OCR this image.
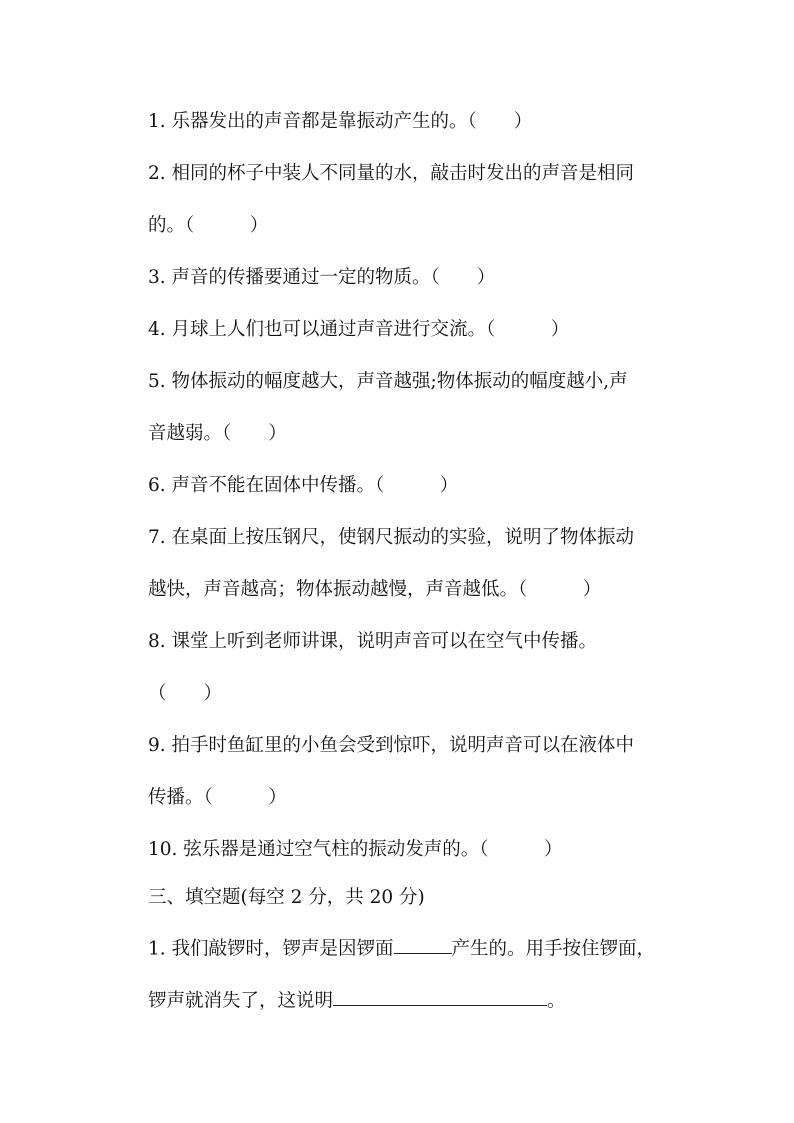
1. 乐器发出的声音都是靠振动产生的。（　　）
2. 相同的杯子中装人不同量的水，敲击时发出的声音是相同
的。（　　　）
3. 声音的传播要通过一定的物质。（　　）
4. 月球上人们也可以通过声音进行交流。（　　　）
5. 物体振动的幅度越大，声音越强;物体振动的幅度越小,声
音越弱。（　　）
6. 声音不能在固体中传播。（　　　）
7. 在桌面上按压钢尺，使钢尺振动的实验，说明了物体振动
越快，声音越高；物体振动越慢，声音越低。（　　　）
8. 课堂上听到老师讲课，说明声音可以在空气中传播。
（　　）
9. 拍手时鱼缸里的小鱼会受到惊吓，说明声音可以在液体中
传播。（　　　）
10. 弦乐器是通过空气柱的振动发声的。（　　　）
三、填空题(每空 2 分，共 20 分)
1. 我们敲锣时，锣声是因锣面	产生的。用手按住锣面，
锣声就消失了，这说明	。
